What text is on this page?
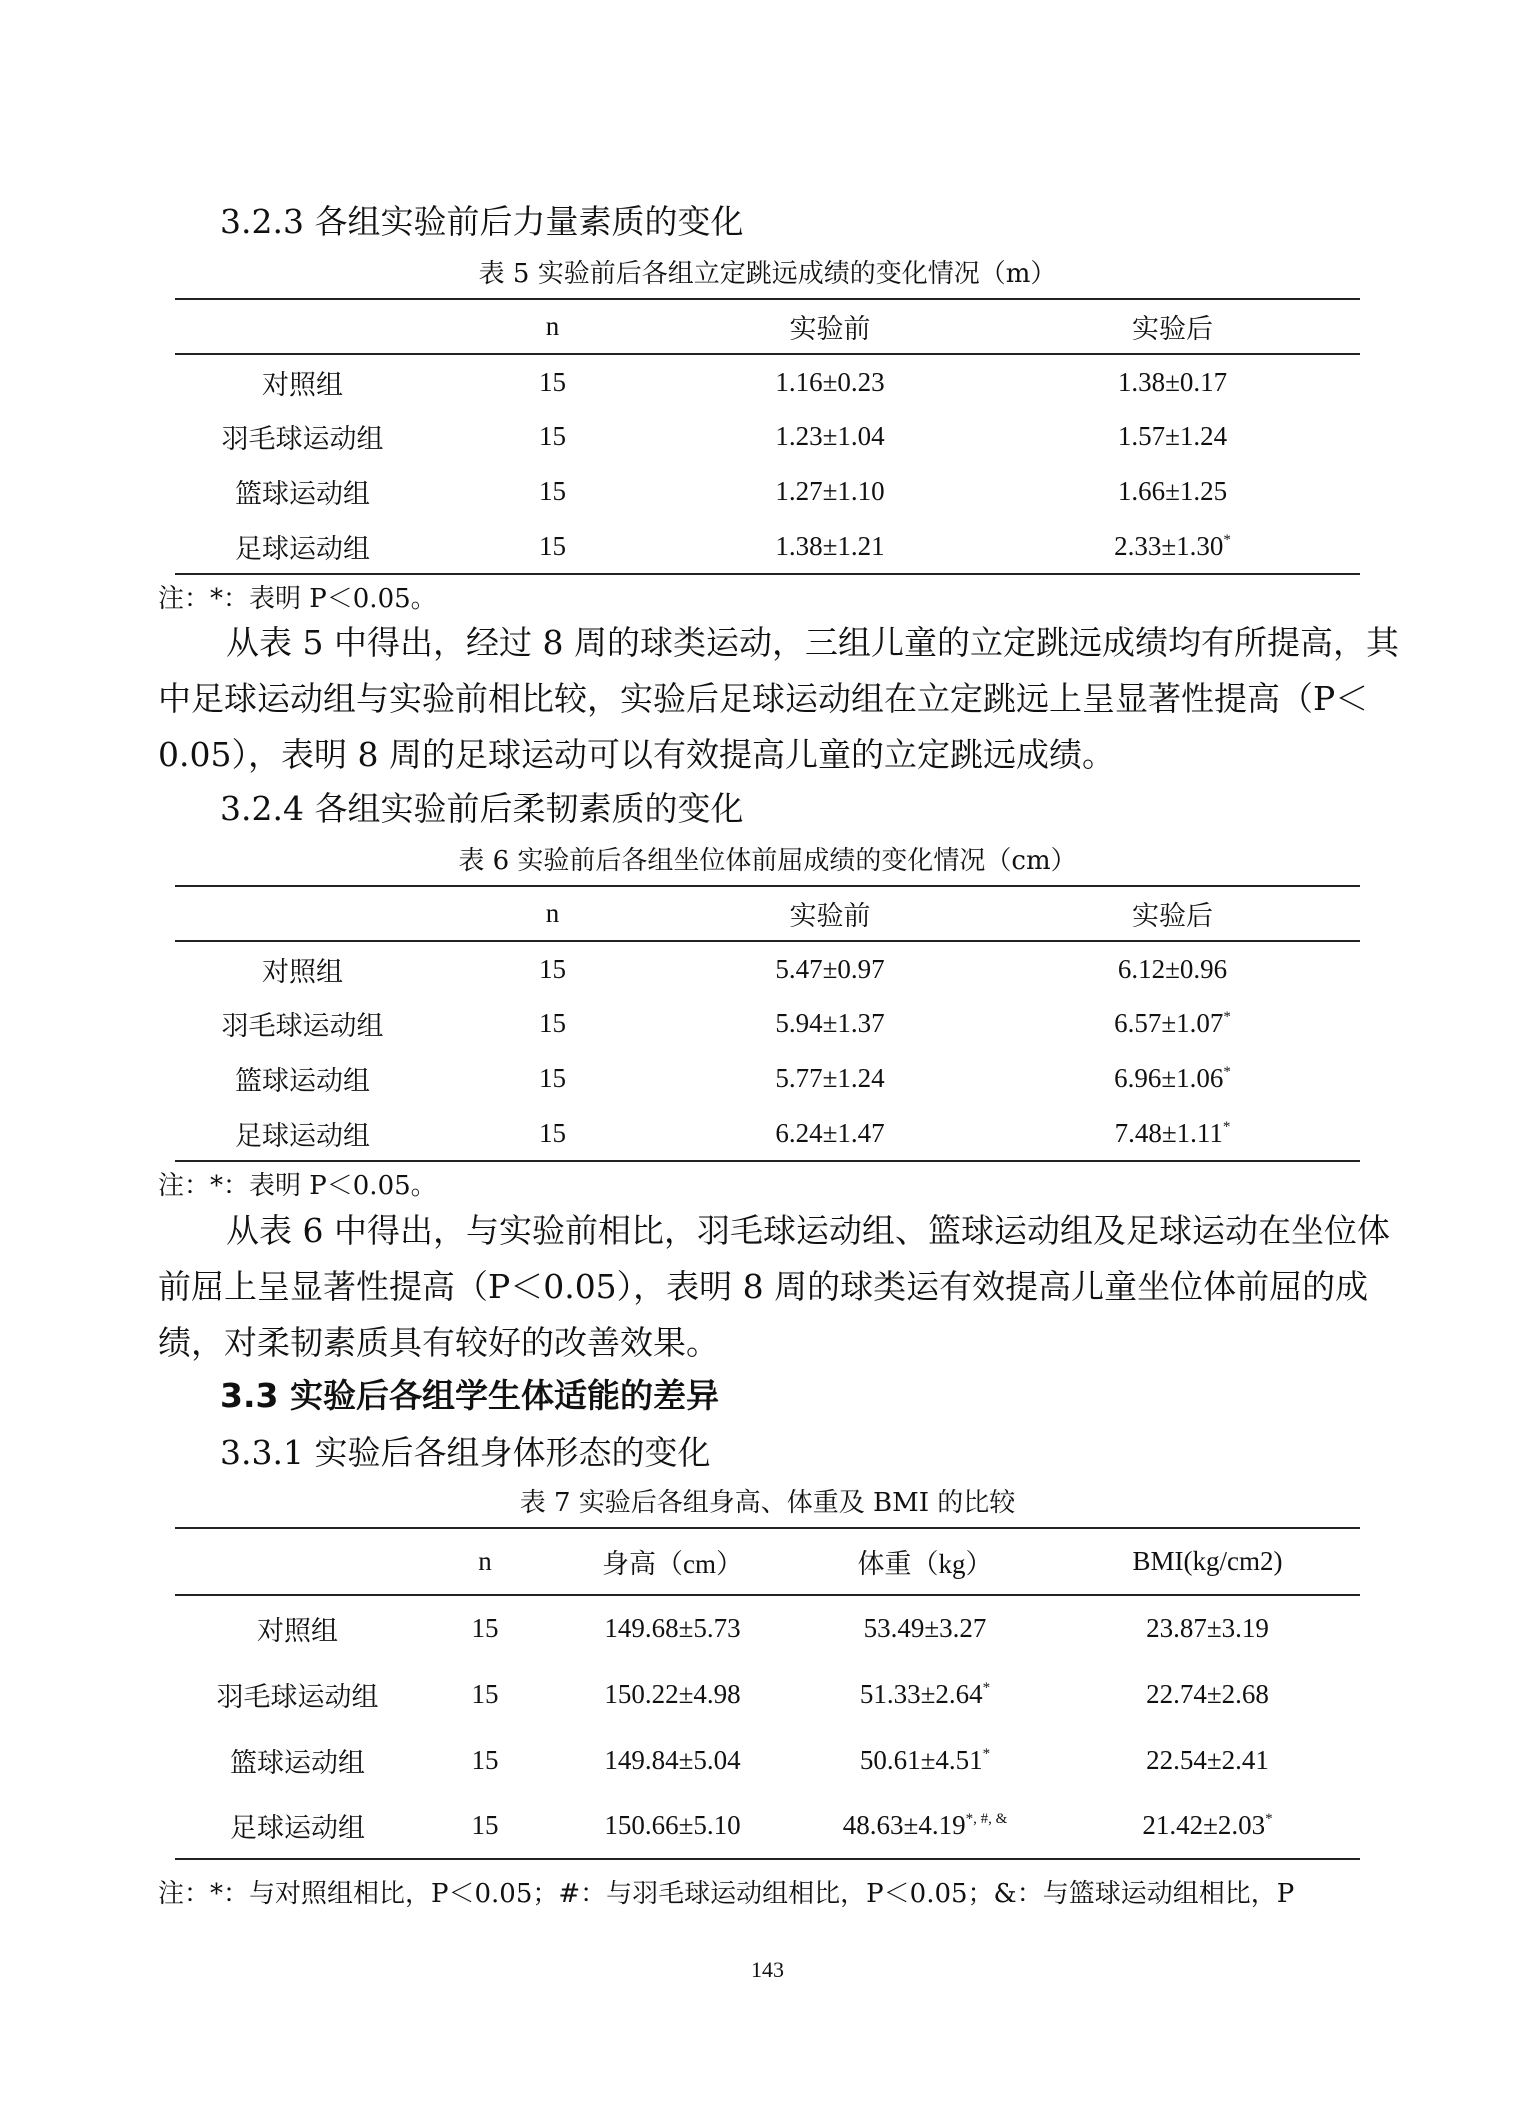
3.2.3 各组实验前后力量素质的变化
表 5 实验前后各组立定跳远成绩的变化情况（m）
	n	实验前	实验后
对照组	15	1.16±0.23	1.38±0.17
羽毛球运动组	15	1.23±1.04	1.57±1.24
篮球运动组	15	1.27±1.10	1.66±1.25
足球运动组	15	1.38±1.21	2.33±1.30*
注：*：表明 P＜0.05。

从表 5 中得出，经过 8 周的球类运动，三组儿童的立定跳远成绩均有所提高，其

中足球运动组与实验前相比较，实验后足球运动组在立定跳远上呈显著性提高（P＜

0.05），表明 8 周的足球运动可以有效提高儿童的立定跳远成绩。

3.2.4 各组实验前后柔韧素质的变化
表 6 实验前后各组坐位体前屈成绩的变化情况（cm）
	n	实验前	实验后
对照组	15	5.47±0.97	6.12±0.96
羽毛球运动组	15	5.94±1.37	6.57±1.07*
篮球运动组	15	5.77±1.24	6.96±1.06*
足球运动组	15	6.24±1.47	7.48±1.11*
注：*：表明 P＜0.05。

从表 6 中得出，与实验前相比，羽毛球运动组、篮球运动组及足球运动在坐位体

前屈上呈显著性提高（P＜0.05），表明 8 周的球类运有效提高儿童坐位体前屈的成

绩，对柔韧素质具有较好的改善效果。

3.3 实验后各组学生体适能的差异
3.3.1 实验后各组身体形态的变化
表 7 实验后各组身高、体重及 BMI 的比较
	n	身高（cm）	体重（kg）	BMI(kg/cm2)
对照组	15	149.68±5.73	53.49±3.27	23.87±3.19
羽毛球运动组	15	150.22±4.98	51.33±2.64*	22.74±2.68
篮球运动组	15	149.84±5.04	50.61±4.51*	22.54±2.41
足球运动组	15	150.66±5.10	48.63±4.19*, #, &	21.42±2.03*
注：*：与对照组相比，P＜0.05；#：与羽毛球运动组相比，P＜0.05；&：与篮球运动组相比，P
143
